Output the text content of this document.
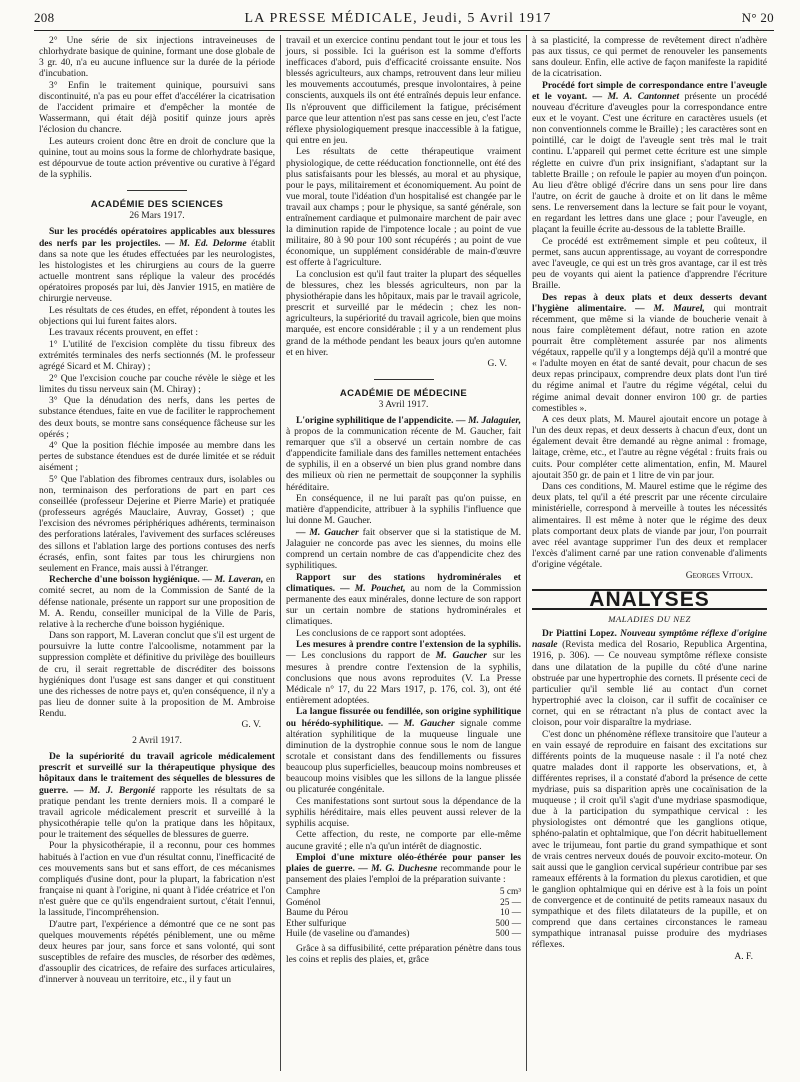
208	LA PRESSE MÉDICALE, Jeudi, 5 Avril 1917	N° 20

2° Une série de six injections intraveineuses de chlorhydrate basique de quinine, formant une dose globale de 3 gr. 40, n'a eu aucune influence sur la durée de la période d'incubation.

3° Enfin le traitement quinique, poursuivi sans discontinuité, n'a pas eu pour effet d'accélérer la cicatrisation de l'accident primaire et d'empêcher la montée de Wassermann, qui était déjà positif quinze jours après l'éclosion du chancre.

Les auteurs croient donc être en droit de conclure que la quinine, tout au moins sous la forme de chlorhydrate basique, est dépourvue de toute action préventive ou curative à l'égard de la syphilis.

ACADÉMIE DES SCIENCES
26 Mars 1917.

Sur les procédés opératoires applicables aux blessures des nerfs par les projectiles. — M. Ed. Delorme établit dans sa note que les études effectuées par les neurologistes, les histologistes et les chirurgiens au cours de la guerre actuelle montrent sans réplique la valeur des procédés opératoires proposés par lui, dès Janvier 1915, en matière de chirurgie nerveuse.

Les résultats de ces études, en effet, répondent à toutes les objections qui lui furent faites alors.

Les travaux récents prouvent, en effet :

1° L'utilité de l'excision complète du tissu fibreux des extrémités terminales des nerfs sectionnés (M. le professeur agrégé Sicard et M. Chiray) ;

2° Que l'excision couche par couche révèle le siège et les limites du tissu nerveux sain (M. Chiray) ;

3° Que la dénudation des nerfs, dans les pertes de substance étendues, faite en vue de faciliter le rapprochement des deux bouts, se montre sans conséquence fâcheuse sur les opérés ;

4° Que la position fléchie imposée au membre dans les pertes de substance étendues est de durée limitée et se réduit aisément ;

5° Que l'ablation des fibromes centraux durs, isolables ou non, terminaison des perforations de part en part ces conseillée (professeur Dejerine et Pierre Marie) et pratiquée (professeurs agrégés Mauclaire, Auvray, Gosset) ; que l'excision des névromes périphériques adhérents, terminaison des perforations latérales, l'avivement des surfaces scléreuses des sillons et l'ablation large des portions contuses des nerfs écrasés, enfin, sont faites par tous les chirurgiens non seulement en France, mais aussi à l'étranger.

Recherche d'une boisson hygiénique. — M. Laveran, en comité secret, au nom de la Commission de Santé de la défense nationale, présente un rapport sur une proposition de M. A. Rendu, conseiller municipal de la Ville de Paris, relative à la recherche d'une boisson hygiénique.

Dans son rapport, M. Laveran conclut que s'il est urgent de poursuivre la lutte contre l'alcoolisme, notamment par la suppression complète et définitive du privilège des bouilleurs de cru, il serait regrettable de discréditer des boissons hygiéniques dont l'usage est sans danger et qui constituent une des richesses de notre pays et, qu'en conséquence, il n'y a pas lieu de donner suite à la proposition de M. Ambroise Rendu.

G. V.
2 Avril 1917.

De la supériorité du travail agricole médicalement prescrit et surveillé sur la thérapeutique physique des hôpitaux dans le traitement des séquelles de blessures de guerre. — M. J. Bergonié rapporte les résultats de sa pratique pendant les trente derniers mois. Il a comparé le travail agricole médicalement prescrit et surveillé à la physicothérapie telle qu'on la pratique dans les hôpitaux, pour le traitement des séquelles de blessures de guerre.

Pour la physicothérapie, il a reconnu, pour ces hommes habitués à l'action en vue d'un résultat connu, l'inefficacité de ces mouvements sans but et sans effort, de ces mécanismes compliqués d'usine dont, pour la plupart, la fabrication n'est française ni quant à l'origine, ni quant à l'idée créatrice et l'on n'est guère que ce qu'ils engendraient surtout, c'était l'ennui, la lassitude, l'incompréhension.

D'autre part, l'expérience a démontré que ce ne sont pas quelques mouvements répétés péniblement, une ou même deux heures par jour, sans force et sans volonté, qui sont susceptibles de refaire des muscles, de résorber des œdèmes, d'assouplir des cicatrices, de refaire des surfaces articulaires, d'innerver à nouveau un territoire, etc., il y faut un

travail et un exercice continu pendant tout le jour et tous les jours, si possible. Ici la guérison est la somme d'efforts inefficaces d'abord, puis d'efficacité croissante ensuite. Nos blessés agriculteurs, aux champs, retrouvent dans leur milieu les mouvements accoutumés, presque involontaires, à peine conscients, auxquels ils ont été entraînés depuis leur enfance. Ils n'éprouvent que difficilement la fatigue, précisément parce que leur attention n'est pas sans cesse en jeu, c'est l'acte réflexe physiologiquement presque inaccessible à la fatigue, qui entre en jeu.

Les résultats de cette thérapeutique vraiment physiologique, de cette rééducation fonctionnelle, ont été des plus satisfaisants pour les blessés, au moral et au physique, pour le pays, militairement et économiquement. Au point de vue moral, toute l'idéation d'un hospitalisé est changée par le travail aux champs ; pour le physique, sa santé générale, son entraînement cardiaque et pulmonaire marchent de pair avec la diminution rapide de l'impotence locale ; au point de vue militaire, 80 à 90 pour 100 sont récupérés ; au point de vue économique, un supplément considérable de main-d'œuvre est offerte à l'agriculture.

La conclusion est qu'il faut traiter la plupart des séquelles de blessures, chez les blessés agriculteurs, non par la physiothérapie dans les hôpitaux, mais par le travail agricole, prescrit et surveillé par le médecin ; chez les non-agriculteurs, la supériorité du travail agricole, bien que moins marquée, est encore considérable ; il y a un rendement plus grand de la méthode pendant les beaux jours qu'en automne et en hiver.

G. V.
ACADÉMIE DE MÉDECINE
3 Avril 1917.

L'origine syphilitique de l'appendicite. — M. Jalaguier, à propos de la communication récente de M. Gaucher, fait remarquer que s'il a observé un certain nombre de cas d'appendicite familiale dans des familles nettement entachées de syphilis, il en a observé un bien plus grand nombre dans des milieux où rien ne permettait de soupçonner la syphilis héréditaire.

En conséquence, il ne lui paraît pas qu'on puisse, en matière d'appendicite, attribuer à la syphilis l'influence que lui donne M. Gaucher.

— M. Gaucher fait observer que si la statistique de M. Jalaguier ne concorde pas avec les siennes, du moins elle comprend un certain nombre de cas d'appendicite chez des syphilitiques.

Rapport sur des stations hydrominérales et climatiques. — M. Pouchet, au nom de la Commission permanente des eaux minérales, donne lecture de son rapport sur un certain nombre de stations hydrominérales et climatiques.

Les conclusions de ce rapport sont adoptées.

Les mesures à prendre contre l'extension de la syphilis. — Les conclusions du rapport de M. Gaucher sur les mesures à prendre contre l'extension de la syphilis, conclusions que nous avons reproduites (V. La Presse Médicale n° 17, du 22 Mars 1917, p. 176, col. 3), ont été entièrement adoptées.

La langue fissurée ou fendillée, son origine syphilitique ou hérédo-syphilitique. — M. Gaucher signale comme altération syphilitique de la muqueuse linguale une diminution de la dystrophie connue sous le nom de langue scrotale et consistant dans des fendillements ou fissures beaucoup plus superficielles, beaucoup moins nombreuses et beaucoup moins visibles que les sillons de la langue plissée ou plicaturée congénitale.

Ces manifestations sont surtout sous la dépendance de la syphilis héréditaire, mais elles peuvent aussi relever de la syphilis acquise.

Cette affection, du reste, ne comporte par elle-même aucune gravité ; elle n'a qu'un intérêt de diagnostic.

Emploi d'une mixture oléo-éthérée pour panser les plaies de guerre. — M. G. Duchesne recommande pour le pansement des plaies l'emploi de la préparation suivante :

Camphre	5 cm³
Goménol	25 —
Baume du Pérou	10 —
Ether sulfurique	500 —
Huile (de vaseline ou d'amandes)	500 —

Grâce à sa diffusibilité, cette préparation pénètre dans tous les coins et replis des plaies, et, grâce

à sa plasticité, la compresse de revêtement direct n'adhère pas aux tissus, ce qui permet de renouveler les pansements sans douleur. Enfin, elle active de façon manifeste la rapidité de la cicatrisation.

Procédé fort simple de correspondance entre l'aveugle et le voyant. — M. A. Cantonnet présente un procédé nouveau d'écriture d'aveugles pour la correspondance entre eux et le voyant. C'est une écriture en caractères usuels (et non conventionnels comme le Braille) ; les caractères sont en pointillé, car le doigt de l'aveugle sent très mal le trait continu. L'appareil qui permet cette écriture est une simple réglette en cuivre d'un prix insignifiant, s'adaptant sur la tablette Braille ; on refoule le papier au moyen d'un poinçon. Au lieu d'être obligé d'écrire dans un sens pour lire dans l'autre, on écrit de gauche à droite et on lit dans le même sens. Le renversement dans la lecture se fait pour le voyant, en regardant les lettres dans une glace ; pour l'aveugle, en plaçant la feuille écrite au-dessous de la tablette Braille.

Ce procédé est extrêmement simple et peu coûteux, il permet, sans aucun apprentissage, au voyant de correspondre avec l'aveugle, ce qui est un très gros avantage, car il est très peu de voyants qui aient la patience d'apprendre l'écriture Braille.

Des repas à deux plats et deux desserts devant l'hygiène alimentaire. — M. Maurel, qui montrait récemment, que même si la viande de boucherie venait à nous faire complètement défaut, notre ration en azote pourrait être complètement assurée par nos aliments végétaux, rappelle qu'il y a longtemps déjà qu'il a montré que « l'adulte moyen en état de santé devait, pour chacun de ses deux repas principaux, comprendre deux plats dont l'un tiré du régime animal et l'autre du régime végétal, celui du régime animal devait donner environ 100 gr. de parties comestibles ».

A ces deux plats, M. Maurel ajoutait encore un potage à l'un des deux repas, et deux desserts à chacun d'eux, dont un également devait être demandé au règne animal : fromage, laitage, crème, etc., et l'autre au règne végétal : fruits frais ou cuits. Pour compléter cette alimentation, enfin, M. Maurel ajoutait 350 gr. de pain et 1 litre de vin par jour.

Dans ces conditions, M. Maurel estime que le régime des deux plats, tel qu'il a été prescrit par une récente circulaire ministérielle, correspond à merveille à toutes les nécessités alimentaires. Il est même à noter que le régime des deux plats comportant deux plats de viande par jour, l'on pourrait avec réel avantage supprimer l'un des deux et remplacer l'excès d'aliment carné par une ration convenable d'aliments d'origine végétale.

Georges Vitoux.
ANALYSES
MALADIES DU NEZ

Dr Piattini Lopez. Nouveau symptôme réflexe d'origine nasale (Revista medica del Rosario, Republica Argentina, 1916, p. 306). — Ce nouveau symptôme réflexe consiste dans une dilatation de la pupille du côté d'une narine obstruée par une hypertrophie des cornets. Il présente ceci de particulier qu'il semble lié au contact d'un cornet hypertrophié avec la cloison, car il suffit de cocaïniser ce cornet, qui en se rétractant n'a plus de contact avec la cloison, pour voir disparaître la mydriase.

C'est donc un phénomène réflexe transitoire que l'auteur a en vain essayé de reproduire en faisant des excitations sur différents points de la muqueuse nasale : il l'a noté chez quatre malades dont il rapporte les observations, et, à différentes reprises, il a constaté d'abord la présence de cette mydriase, puis sa disparition après une cocaïnisation de la muqueuse ; il croit qu'il s'agit d'une mydriase spasmodique, due à la participation du sympathique cervical : les physiologistes ont démontré que les ganglions otique, sphéno-palatin et ophtalmique, que l'on décrit habituellement avec le trijumeau, font partie du grand sympathique et sont de vrais centres nerveux doués de pouvoir excito-moteur. On sait aussi que le ganglion cervical supérieur contribue par ses rameaux efférents à la formation du plexus carotidien, et que le ganglion ophtalmique qui en dérive est à la fois un point de convergence et de continuité de petits rameaux nasaux du sympathique et des filets dilatateurs de la pupille, et on comprend que dans certaines circonstances le rameau sympathique intranasal puisse produire des mydriases réflexes.

A. F.
